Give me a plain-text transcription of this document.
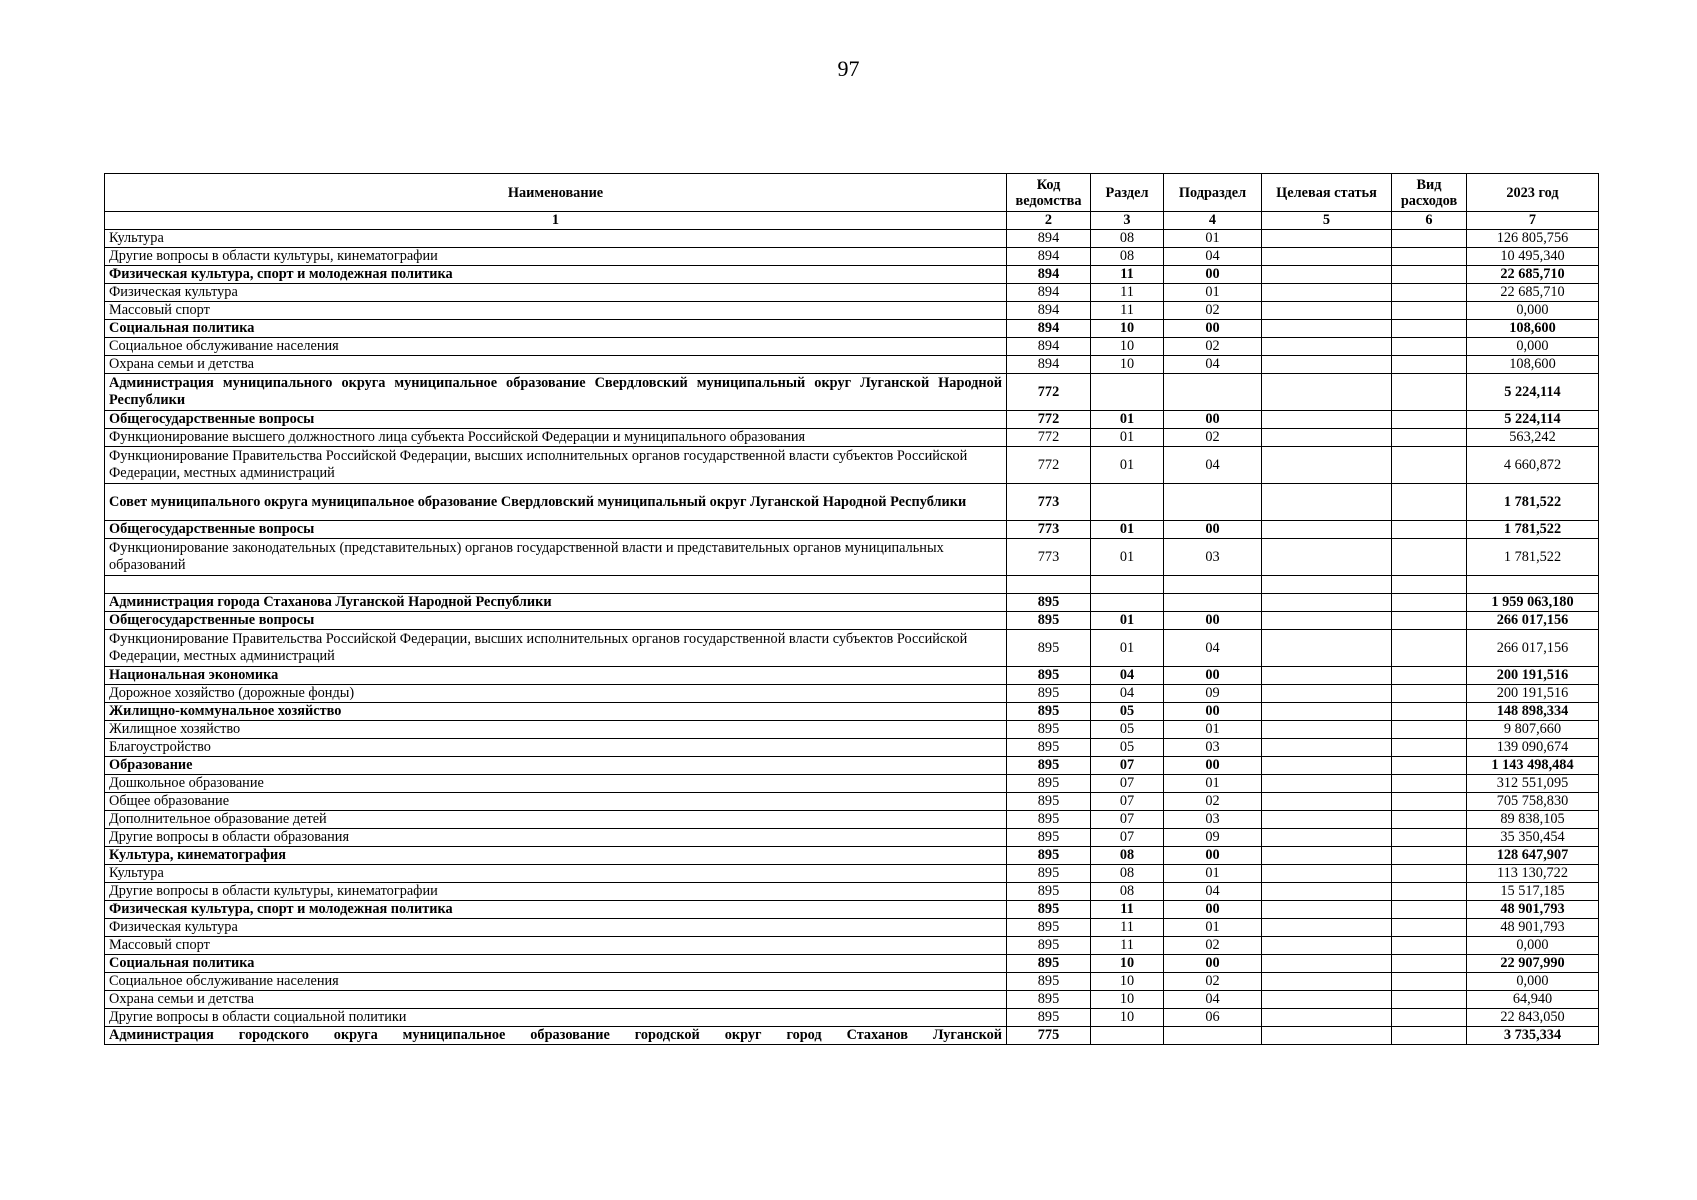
97
Наименование	Код ведомства	Раздел	Подраздел	Целевая статья	Вид расходов	2023 год
1	2	3	4	5	6	7
Культура	894	08	01			126 805,756
Другие вопросы в области культуры, кинематографии	894	08	04			10 495,340
Физическая культура, спорт и молодежная политика	894	11	00			22 685,710
Физическая культура	894	11	01			22 685,710
Массовый спорт	894	11	02			0,000
Социальная политика	894	10	00			108,600
Социальное обслуживание населения	894	10	02			0,000
Охрана семьи и детства	894	10	04			108,600
Администрация муниципального округа муниципальное образование Свердловский муниципальный округ Луганской Народной Республики	772					5 224,114
Общегосударственные вопросы	772	01	00			5 224,114
Функционирование высшего должностного лица субъекта Российской Федерации и муниципального образования	772	01	02			563,242
Функционирование Правительства Российской Федерации, высших исполнительных органов государственной власти субъектов Российской Федерации, местных администраций	772	01	04			4 660,872
Совет муниципального округа муниципальное образование Свердловский муниципальный округ Луганской Народной Республики	773					1 781,522
Общегосударственные вопросы	773	01	00			1 781,522
Функционирование законодательных (представительных) органов государственной власти и представительных органов муниципальных образований	773	01	03			1 781,522

Администрация города Стаханова Луганской Народной Республики	895					1 959 063,180
Общегосударственные вопросы	895	01	00			266 017,156
Функционирование Правительства Российской Федерации, высших исполнительных органов государственной власти субъектов Российской Федерации, местных администраций	895	01	04			266 017,156
Национальная экономика	895	04	00			200 191,516
Дорожное хозяйство (дорожные фонды)	895	04	09			200 191,516
Жилищно-коммунальное хозяйство	895	05	00			148 898,334
Жилищное хозяйство	895	05	01			9 807,660
Благоустройство	895	05	03			139 090,674
Образование	895	07	00			1 143 498,484
Дошкольное образование	895	07	01			312 551,095
Общее образование	895	07	02			705 758,830
Дополнительное образование детей	895	07	03			89 838,105
Другие вопросы в области образования	895	07	09			35 350,454
Культура, кинематография	895	08	00			128 647,907
Культура	895	08	01			113 130,722
Другие вопросы в области культуры, кинематографии	895	08	04			15 517,185
Физическая культура, спорт и молодежная политика	895	11	00			48 901,793
Физическая культура	895	11	01			48 901,793
Массовый спорт	895	11	02			0,000
Социальная политика	895	10	00			22 907,990
Социальное обслуживание населения	895	10	02			0,000
Охрана семьи и детства	895	10	04			64,940
Другие вопросы в области социальной политики	895	10	06			22 843,050
Администрация городского округа муниципальное образование городской округ город Стаханов Луганской	775					3 735,334
